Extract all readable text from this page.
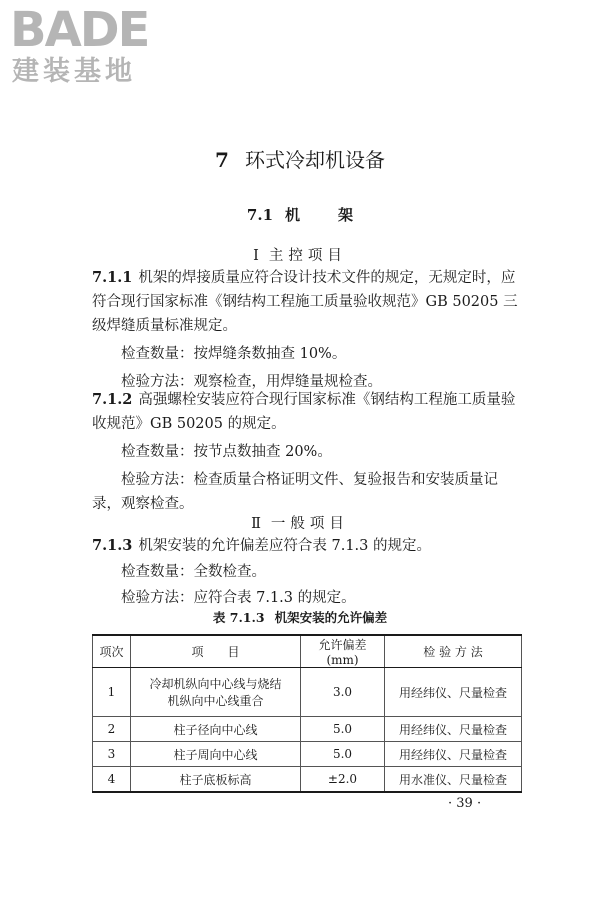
BADE
建装基地
7 环式冷却机设备
7.1 机	架
Ⅰ 主控项目
7.1.1 机架的焊接质量应符合设计技术文件的规定，无规定时，应符合现行国家标准《钢结构工程施工质量验收规范》GB 50205 三级焊缝质量标准规定。
检查数量：按焊缝条数抽查 10%。
检验方法：观察检查，用焊缝量规检查。
7.1.2 高强螺栓安装应符合现行国家标准《钢结构工程施工质量验收规范》GB 50205 的规定。
检查数量：按节点数抽查 20%。
检验方法：检查质量合格证明文件、复验报告和安装质量记录，观察检查。
Ⅱ 一般项目
7.1.3 机架安装的允许偏差应符合表 7.1.3 的规定。
检查数量：全数检查。
检验方法：应符合表 7.1.3 的规定。
表 7.1.3 机架安装的允许偏差
项次	项　　目	允许偏差(mm)	检 验 方 法
1	冷却机纵向中心线与烧结机纵向中心线重合	3.0	用经纬仪、尺量检查
2	柱子径向中心线	5.0	用经纬仪、尺量检查
3	柱子周向中心线	5.0	用经纬仪、尺量检查
4	柱子底板标高	±2.0	用水准仪、尺量检查
· 39 ·
